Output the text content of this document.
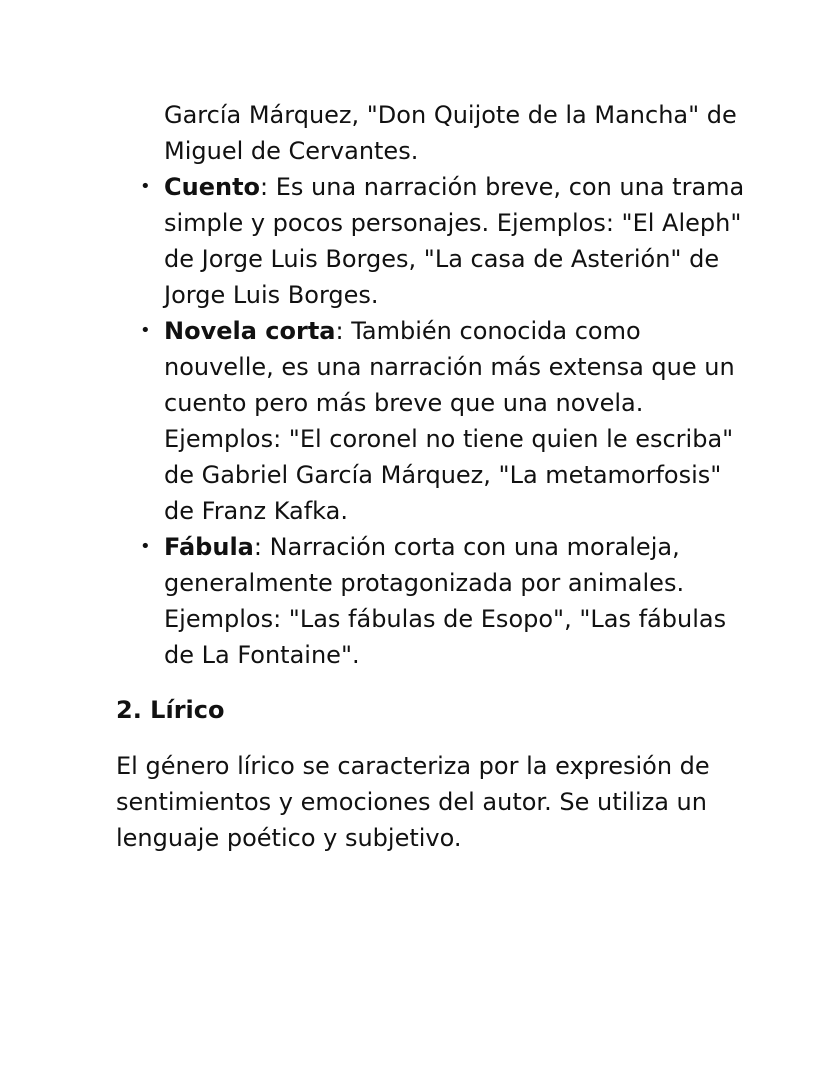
García Márquez, "Don Quijote de la Mancha" de Miguel de Cervantes.

• Cuento: Es una narración breve, con una trama simple y pocos personajes. Ejemplos: "El Aleph" de Jorge Luis Borges, "La casa de Asterión" de Jorge Luis Borges.
• Novela corta: También conocida como nouvelle, es una narración más extensa que un cuento pero más breve que una novela. Ejemplos: "El coronel no tiene quien le escriba" de Gabriel García Márquez, "La metamorfosis" de Franz Kafka.
• Fábula: Narración corta con una moraleja, generalmente protagonizada por animales. Ejemplos: "Las fábulas de Esopo", "Las fábulas de La Fontaine".
2. Lírico

El género lírico se caracteriza por la expresión de sentimientos y emociones del autor. Se utiliza un lenguaje poético y subjetivo.
